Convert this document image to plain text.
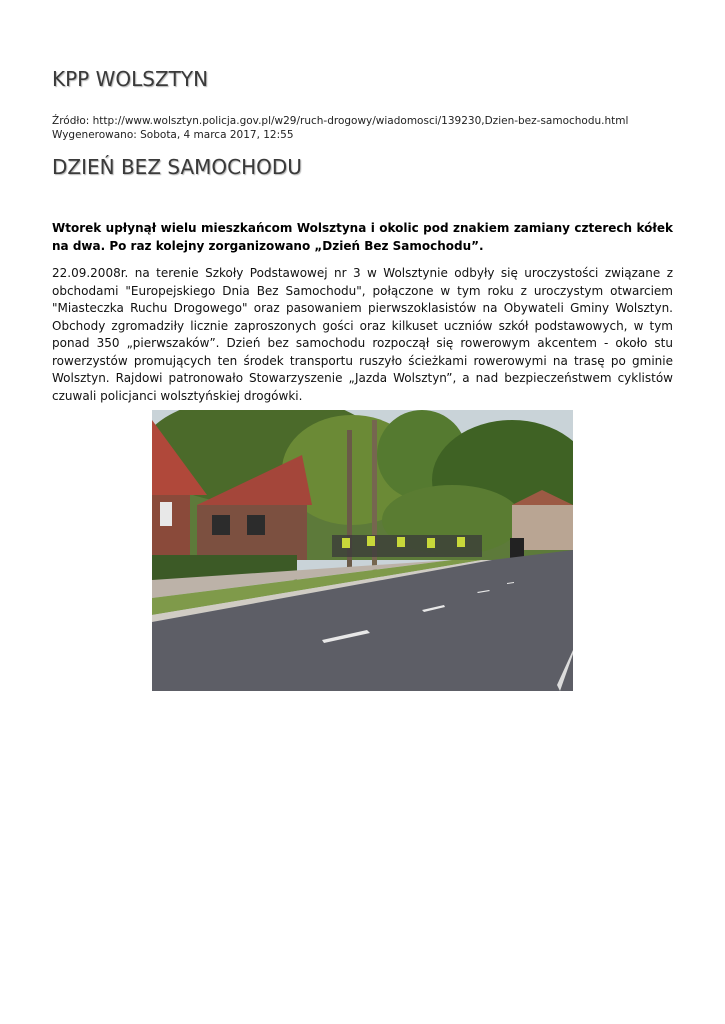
KPP WOLSZTYN
Źródło: http://www.wolsztyn.policja.gov.pl/w29/ruch-drogowy/wiadomosci/139230,Dzien-bez-samochodu.html
Wygenerowano: Sobota, 4 marca 2017, 12:55
DZIEŃ BEZ SAMOCHODU

Wtorek upłynął wielu mieszkańcom Wolsztyna i okolic pod znakiem zamiany czterech kółek na dwa. Po raz kolejny zorganizowano „Dzień Bez Samochodu”.

22.09.2008r. na terenie Szkoły Podstawowej nr 3 w Wolsztynie odbyły się uroczystości związane z obchodami "Europejskiego Dnia Bez Samochodu", połączone w tym roku z uroczystym otwarciem "Miasteczka Ruchu Drogowego" oraz pasowaniem pierwszoklasistów na Obywateli Gminy Wolsztyn. Obchody zgromadziły licznie zaproszonych gości oraz kilkuset uczniów szkół podstawowych, w tym ponad 350 „pierwszaków”. Dzień bez samochodu rozpoczął się rowerowym akcentem - około stu rowerzystów promujących ten środek transportu ruszyło ścieżkami rowerowymi na trasę po gminie Wolsztyn. Rajdowi patronowało Stowarzyszenie „Jazda Wolsztyn”, a nad bezpieczeństwem cyklistów czuwali policjanci wolsztyńskiej drogówki.
